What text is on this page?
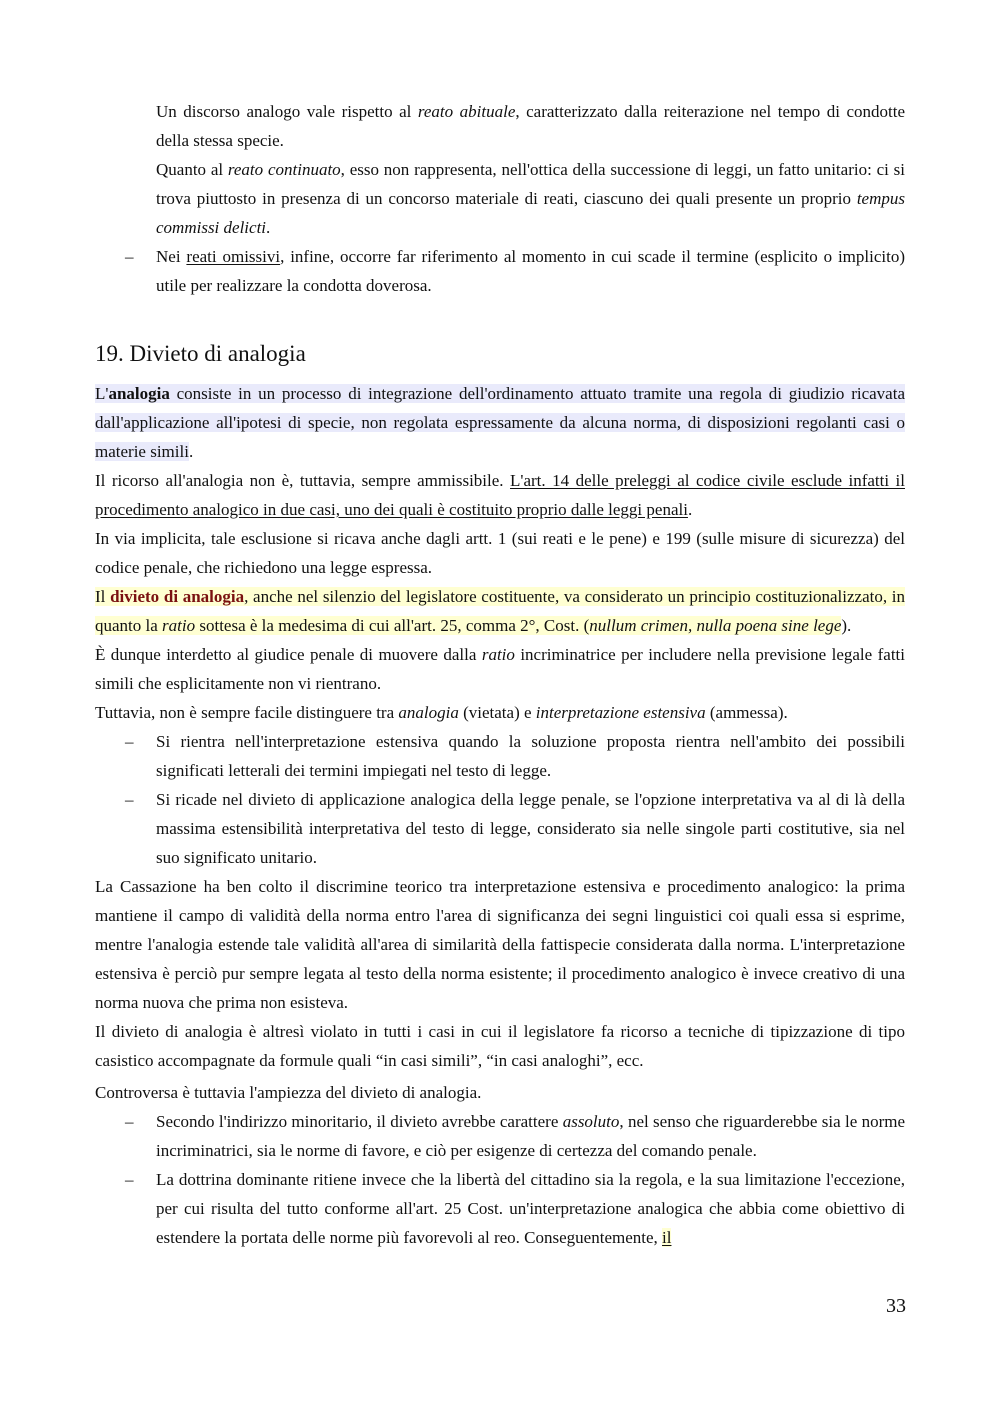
Un discorso analogo vale rispetto al reato abituale, caratterizzato dalla reiterazione nel tempo di condotte della stessa specie.

Quanto al reato continuato, esso non rappresenta, nell'ottica della successione di leggi, un fatto unitario: ci si trova piuttosto in presenza di un concorso materiale di reati, ciascuno dei quali presente un proprio tempus commissi delicti.

– Nei reati omissivi, infine, occorre far riferimento al momento in cui scade il termine (esplicito o implicito) utile per realizzare la condotta doverosa.

19. Divieto di analogia

L'analogia consiste in un processo di integrazione dell'ordinamento attuato tramite una regola di giudizio ricavata dall'applicazione all'ipotesi di specie, non regolata espressamente da alcuna norma, di disposizioni regolanti casi o materie simili.

Il ricorso all'analogia non è, tuttavia, sempre ammissibile. L'art. 14 delle preleggi al codice civile esclude infatti il procedimento analogico in due casi, uno dei quali è costituito proprio dalle leggi penali.

In via implicita, tale esclusione si ricava anche dagli artt. 1 (sui reati e le pene) e 199 (sulle misure di sicurezza) del codice penale, che richiedono una legge espressa.

Il divieto di analogia, anche nel silenzio del legislatore costituente, va considerato un principio costituzionalizzato, in quanto la ratio sottesa è la medesima di cui all'art. 25, comma 2°, Cost. (nullum crimen, nulla poena sine lege).

È dunque interdetto al giudice penale di muovere dalla ratio incriminatrice per includere nella previsione legale fatti simili che esplicitamente non vi rientrano.

Tuttavia, non è sempre facile distinguere tra analogia (vietata) e interpretazione estensiva (ammessa).

– Si rientra nell'interpretazione estensiva quando la soluzione proposta rientra nell'ambito dei possibili significati letterali dei termini impiegati nel testo di legge.

– Si ricade nel divieto di applicazione analogica della legge penale, se l'opzione interpretativa va al di là della massima estensibilità interpretativa del testo di legge, considerato sia nelle singole parti costitutive, sia nel suo significato unitario.

La Cassazione ha ben colto il discrimine teorico tra interpretazione estensiva e procedimento analogico: la prima mantiene il campo di validità della norma entro l'area di significanza dei segni linguistici coi quali essa si esprime, mentre l'analogia estende tale validità all'area di similarità della fattispecie considerata dalla norma. L'interpretazione estensiva è perciò pur sempre legata al testo della norma esistente; il procedimento analogico è invece creativo di una norma nuova che prima non esisteva.

Il divieto di analogia è altresì violato in tutti i casi in cui il legislatore fa ricorso a tecniche di tipizzazione di tipo casistico accompagnate da formule quali “in casi simili”, “in casi analoghi”, ecc.

Controversa è tuttavia l'ampiezza del divieto di analogia.

– Secondo l'indirizzo minoritario, il divieto avrebbe carattere assoluto, nel senso che riguarderebbe sia le norme incriminatrici, sia le norme di favore, e ciò per esigenze di certezza del comando penale.

– La dottrina dominante ritiene invece che la libertà del cittadino sia la regola, e la sua limitazione l'eccezione, per cui risulta del tutto conforme all'art. 25 Cost. un'interpretazione analogica che abbia come obiettivo di estendere la portata delle norme più favorevoli al reo. Conseguentemente, il

33
